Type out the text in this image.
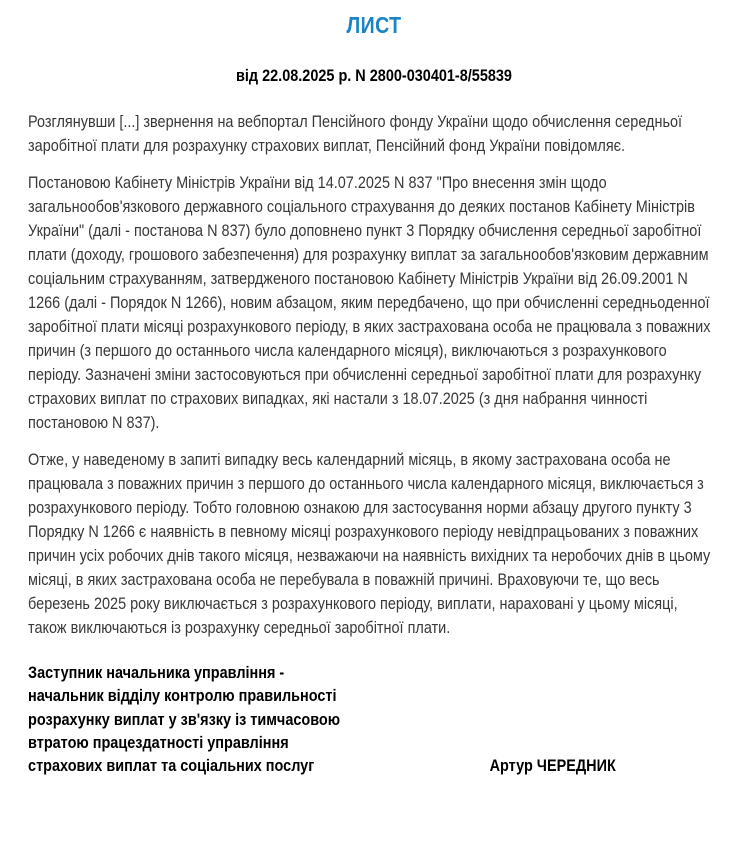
ЛИСТ
від 22.08.2025 р. N 2800-030401-8/55839

Розглянувши [...] звернення на вебпортал Пенсійного фонду України щодо обчислення середньої заробітної плати для розрахунку страхових виплат, Пенсійний фонд України повідомляє.

Постановою Кабінету Міністрів України від 14.07.2025 N 837 "Про внесення змін щодо загальнообов'язкового державного соціального страхування до деяких постанов Кабінету Міністрів України" (далі - постанова N 837) було доповнено пункт 3 Порядку обчислення середньої заробітної плати (доходу, грошового забезпечення) для розрахунку виплат за загальнообов'язковим державним соціальним страхуванням, затвердженого постановою Кабінету Міністрів України від 26.09.2001 N 1266 (далі - Порядок N 1266), новим абзацом, яким передбачено, що при обчисленні середньоденної заробітної плати місяці розрахункового періоду, в яких застрахована особа не працювала з поважних причин (з першого до останнього числа календарного місяця), виключаються з розрахункового періоду. Зазначені зміни застосовуються при обчисленні середньої заробітної плати для розрахунку страхових виплат по страхових випадках, які настали з 18.07.2025 (з дня набрання чинності постановою N 837).

Отже, у наведеному в запиті випадку весь календарний місяць, в якому застрахована особа не працювала з поважних причин з першого до останнього числа календарного місяця, виключається з розрахункового періоду. Тобто головною ознакою для застосування норми абзацу другого пункту 3 Порядку N 1266 є наявність в певному місяці розрахункового періоду невідпрацьованих з поважних причин усіх робочих днів такого місяця, незважаючи на наявність вихідних та неробочих днів в цьому місяці, в яких застрахована особа не перебувала в поважній причині. Враховуючи те, що весь березень 2025 року виключається з розрахункового періоду, виплати, нараховані у цьому місяці, також виключаються із розрахунку середньої заробітної плати.

Заступник начальника управління -
начальник відділу контролю правильності
розрахунку виплат у зв'язку із тимчасовою
втратою працездатності управління
страхових виплат та соціальних послуг	Артур ЧЕРЕДНИК
